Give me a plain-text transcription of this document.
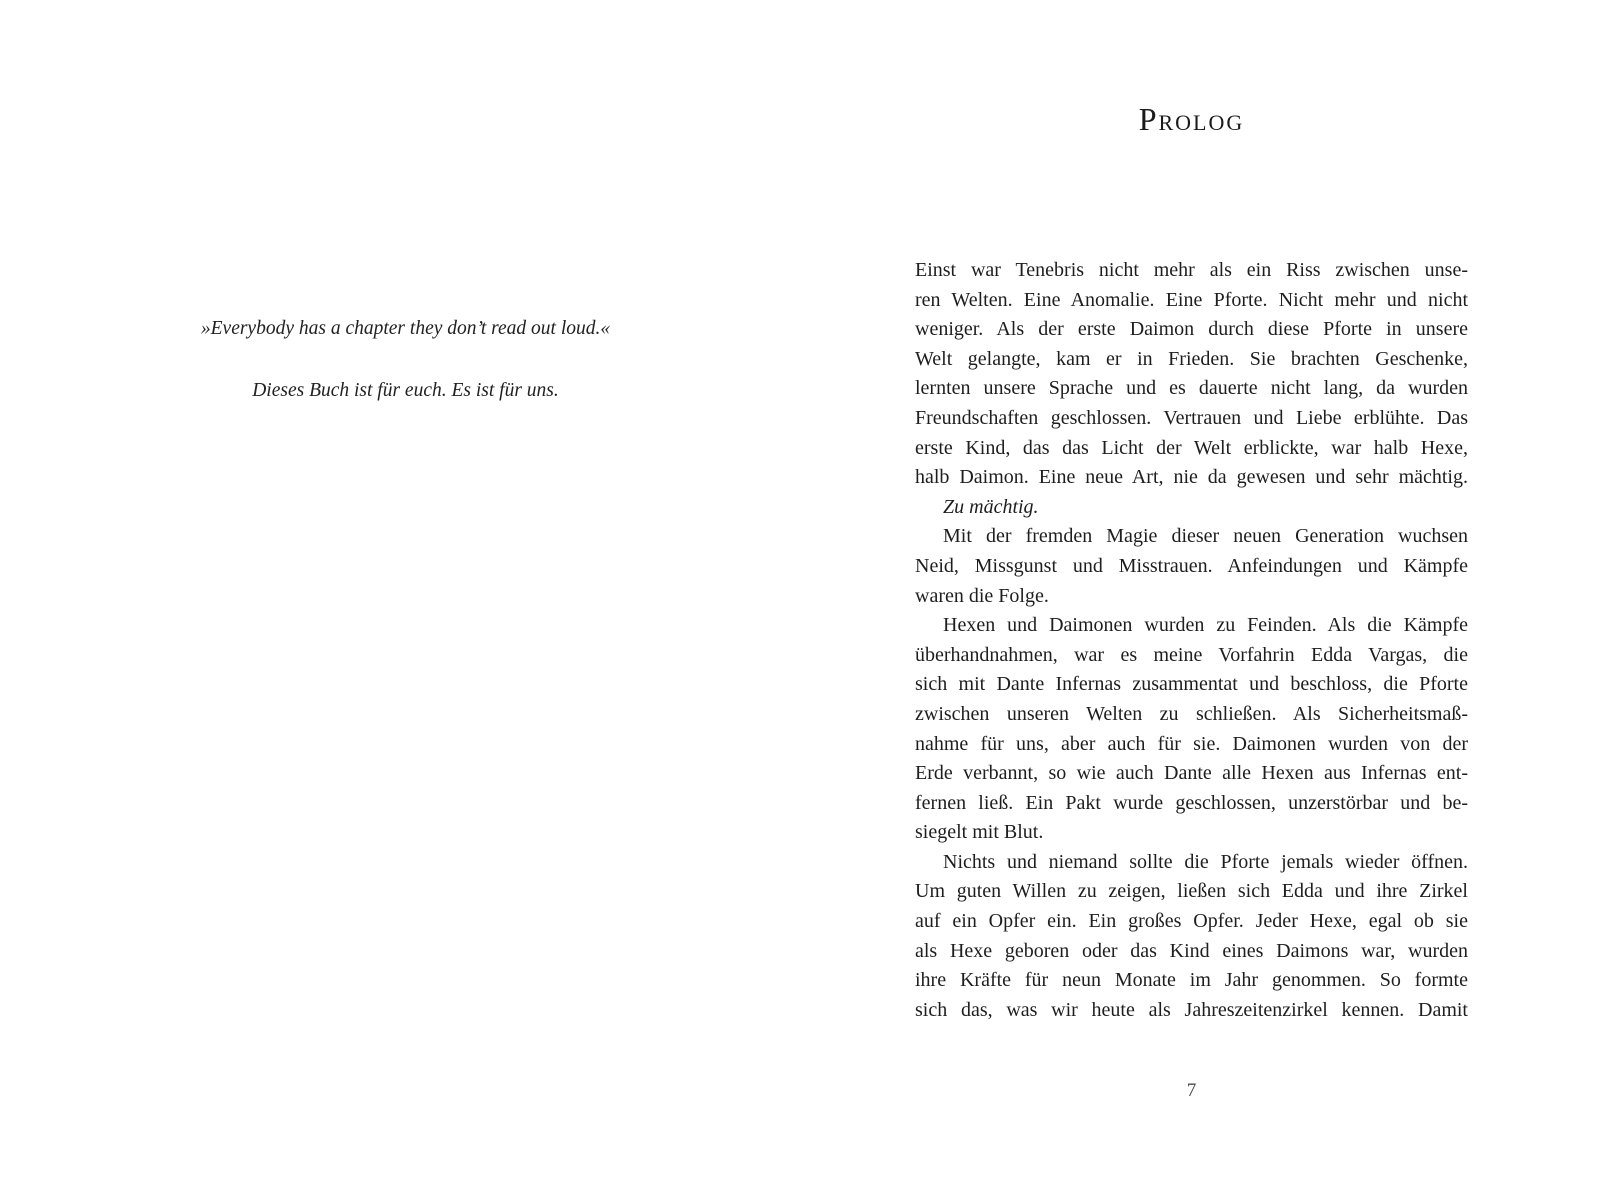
»Everybody has a chapter they don’t read out loud.«
Dieses Buch ist für euch. Es ist für uns.
Prolog
Einst war Tenebris nicht mehr als ein Riss zwischen unse-
ren Welten. Eine Anomalie. Eine Pforte. Nicht mehr und nicht
weniger. Als der erste Daimon durch diese Pforte in unsere
Welt gelangte, kam er in Frieden. Sie brachten Geschenke,
lernten unsere Sprache und es dauerte nicht lang, da wurden
Freundschaften geschlossen. Vertrauen und Liebe erblühte. Das
erste Kind, das das Licht der Welt erblickte, war halb Hexe,
halb Daimon. Eine neue Art, nie da gewesen und sehr mächtig.
Zu mächtig.
Mit der fremden Magie dieser neuen Generation wuchsen
Neid, Missgunst und Misstrauen. Anfeindungen und Kämpfe
waren die Folge.
Hexen und Daimonen wurden zu Feinden. Als die Kämpfe
überhandnahmen, war es meine Vorfahrin Edda Vargas, die
sich mit Dante Infernas zusammentat und beschloss, die Pforte
zwischen unseren Welten zu schließen. Als Sicherheitsmaß-
nahme für uns, aber auch für sie. Daimonen wurden von der
Erde verbannt, so wie auch Dante alle Hexen aus Infernas ent-
fernen ließ. Ein Pakt wurde geschlossen, unzerstörbar und be-
siegelt mit Blut.
Nichts und niemand sollte die Pforte jemals wieder öffnen.
Um guten Willen zu zeigen, ließen sich Edda und ihre Zirkel
auf ein Opfer ein. Ein großes Opfer. Jeder Hexe, egal ob sie
als Hexe geboren oder das Kind eines Daimons war, wurden
ihre Kräfte für neun Monate im Jahr genommen. So formte
sich das, was wir heute als Jahreszeitenzirkel kennen. Damit
7
